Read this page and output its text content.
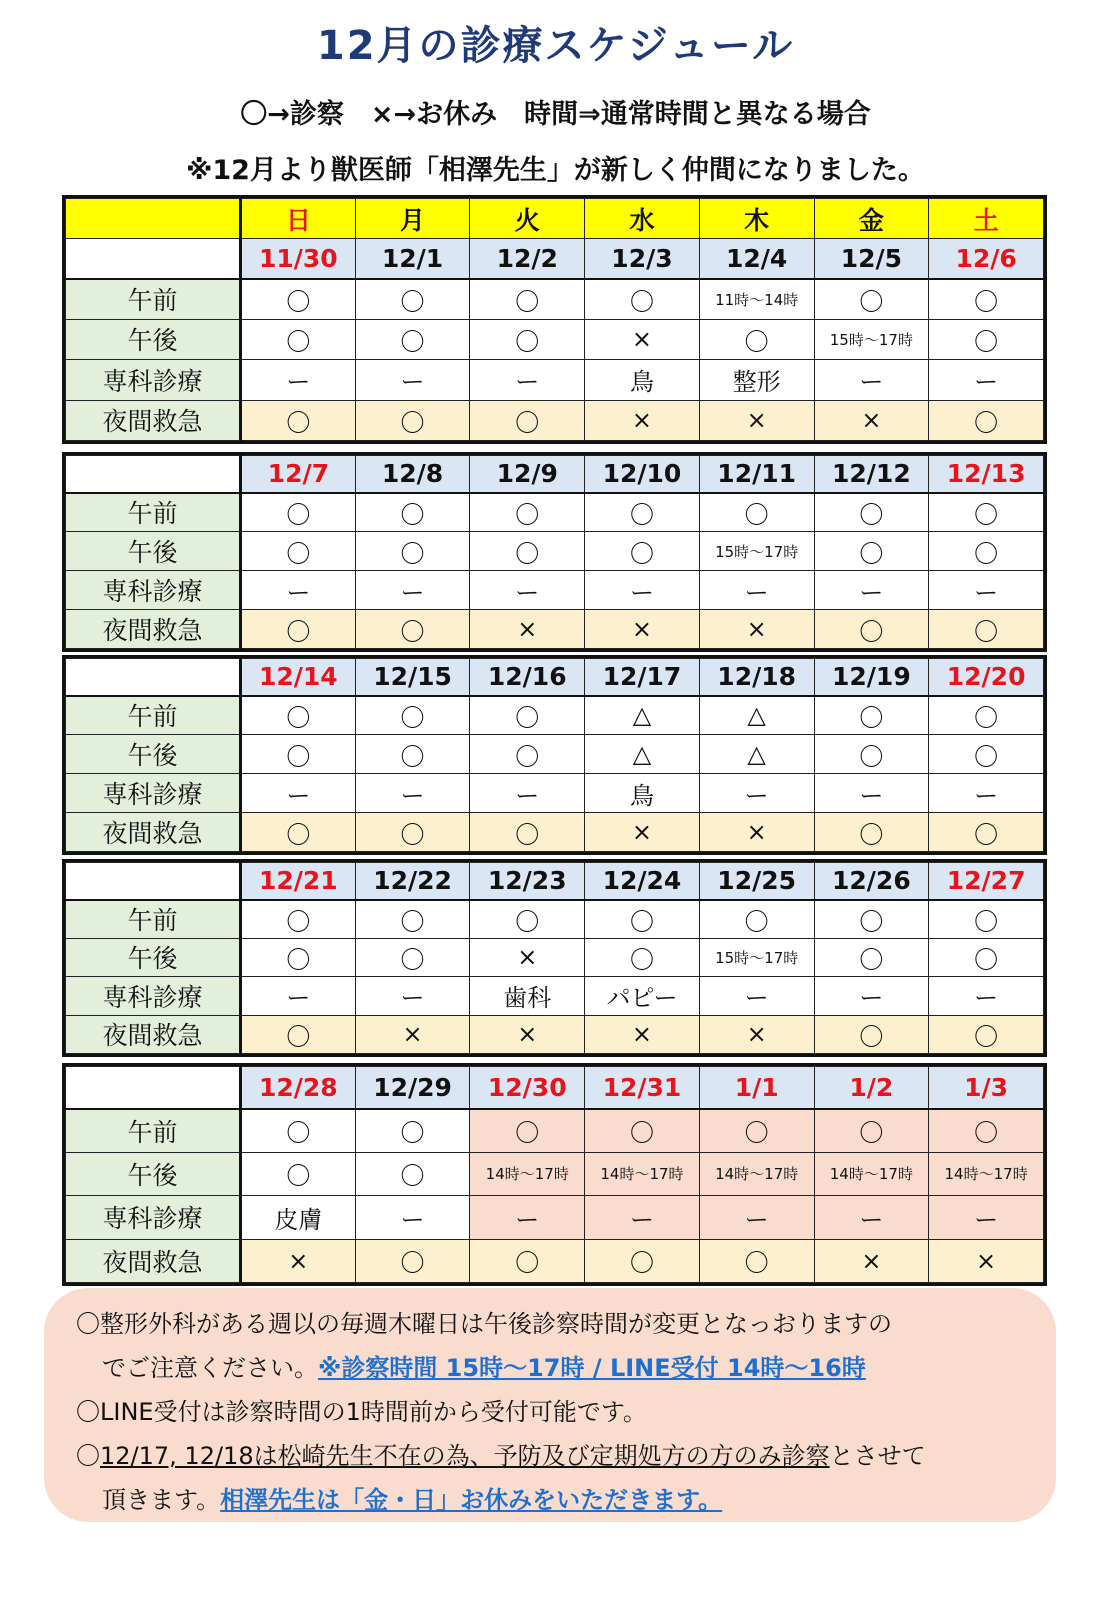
12月の診療スケジュール
〇→診察　×→お休み　時間⇒通常時間と異なる場合
※12月より獣医師「相澤先生」が新しく仲間になりました。
	日	月	火	水	木	金	土
	11/30	12/1	12/2	12/3	12/4	12/5	12/6
午前	〇	〇	〇	〇	11時～14時	〇	〇
午後	〇	〇	〇	×	〇	15時～17時	〇
専科診療	ー	ー	ー	鳥	整形	ー	ー
夜間救急	〇	〇	〇	×	×	×	〇
	12/7	12/8	12/9	12/10	12/11	12/12	12/13
午前	〇	〇	〇	〇	〇	〇	〇
午後	〇	〇	〇	〇	15時～17時	〇	〇
専科診療	ー	ー	ー	ー	ー	ー	ー
夜間救急	〇	〇	×	×	×	〇	〇
	12/14	12/15	12/16	12/17	12/18	12/19	12/20
午前	〇	〇	〇	△	△	〇	〇
午後	〇	〇	〇	△	△	〇	〇
専科診療	ー	ー	ー	鳥	ー	ー	ー
夜間救急	〇	〇	〇	×	×	〇	〇
	12/21	12/22	12/23	12/24	12/25	12/26	12/27
午前	〇	〇	〇	〇	〇	〇	〇
午後	〇	〇	×	〇	15時～17時	〇	〇
専科診療	ー	ー	歯科	パピー	ー	ー	ー
夜間救急	〇	×	×	×	×	〇	〇
	12/28	12/29	12/30	12/31	1/1	1/2	1/3
午前	〇	〇	〇	〇	〇	〇	〇
午後	〇	〇	14時～17時	14時～17時	14時～17時	14時～17時	14時～17時
専科診療	皮膚	ー	ー	ー	ー	ー	ー
夜間救急	×	〇	〇	〇	〇	×	×

〇整形外科がある週以の毎週木曜日は午後診察時間が変更となっおりますの

でご注意ください。※診察時間 15時～17時 / LINE受付 14時～16時

〇LINE受付は診察時間の1時間前から受付可能です。

〇12/17, 12/18は松崎先生不在の為、予防及び定期処方の方のみ診察とさせて

頂きます。相澤先生は「金・日」お休みをいただきます。
